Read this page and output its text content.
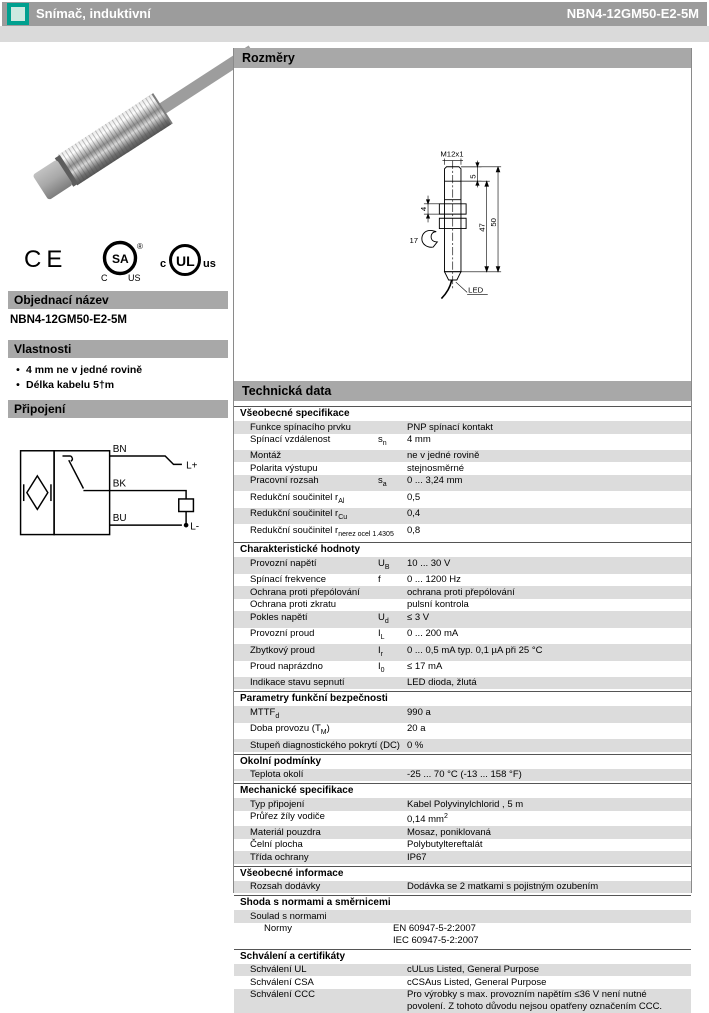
Snímač, induktivní	NBN4-12GM50-E2-5M
CE	SA
®
C US
UL
c	us
Objednací název
NBN4-12GM50-E2-5M
Vlastnosti
• 4 mm ne v jedné rovině
• Délka kabelu 5†m
Připojení
BN
BK
BU
L+
L-
Rozměry
M12x1
5
4
47
50
17
LED
Technická data
Všeobecné specifikace
Funkce spínacího prvku	PNP spínací kontakt
Spínací vzdálenost	$s_n$	4 mm
Montáž	ne v jedné rovině
Polarita výstupu	stejnosměrné
Pracovní rozsah	$s_a$	0 ... 3,24 mm
Redukční součinitel $r_{Al}$	0,5
Redukční součinitel $r_{Cu}$	0,4
Redukční součinitel $r_{nerez ocel 1.4305}$ 0,8
Charakteristické hodnoty
Provozní napětí	$U_B$	10 ... 30 V
Spínací frekvence	f	0 ... 1200 Hz
Ochrana proti přepólování	ochrana proti přepólování
Ochrana proti zkratu	pulsní kontrola
Pokles napětí	$U_d$	≤ 3 V
Provozní proud	$I_L$	0 ... 200 mA
Zbytkový proud	$I_r$	0 ... 0,5 mA typ. 0,1 µA při 25 °C
Proud naprázdno	$I_0$	≤ 17 mA
Indikace stavu sepnutí	LED dioda, žlutá
Parametry funkční bezpečnosti
$MTTF_d$	990 a
Doba provozu $(T_M)$	20 a
Stupeň diagnostického pokrytí (DC) 0 %
Okolní podmínky
Teplota okolí	-25 ... 70 °C (-13 ... 158 °F)
Mechanické specifikace
Typ připojení	Kabel Polyvinylchlorid , 5 m
Průřez žíly vodiče	0,14 $mm^2$
Materiál pouzdra	Mosaz, poniklovaná
Čelní plocha	Polybutyltereftalát
Třída ochrany	IP67
Všeobecné informace
Rozsah dodávky	Dodávka se 2 matkami s pojistným ozubením
Shoda s normami a směrnicemi
Soulad s normami
Normy	EN 60947-5-2:2007
IEC 60947-5-2:2007
Schválení a certifikáty
Schválení UL	cULus Listed, General Purpose
Schválení CSA	cCSAus Listed, General Purpose
Schválení CCC	Pro výrobky s max. provozním napětím ≤36 V není nutné povolení. Z tohoto důvodu nejsou opatřeny označením CCC.
